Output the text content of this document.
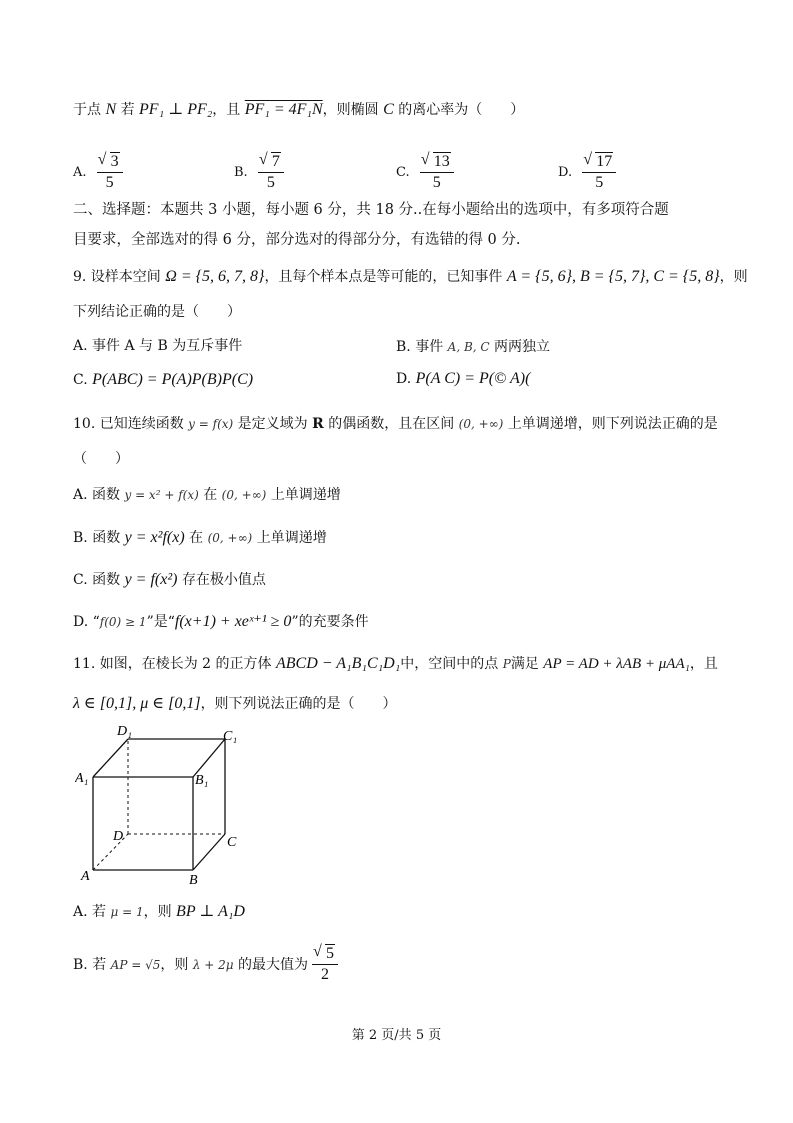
于点 N 若 PF₁ ⊥ PF₂，且 PF₁ = 4F₁N，则椭圆 C 的离心率为（　　）
A. √ $\frac{3}{5}$	B. √ $\frac{7}{5}$	C. √ $\frac{13}{5}$	D. √ $\frac{17}{5}$
二、选择题：本题共 3 小题，每小题 6 分，共 18 分..在每小题给出的选项中，有多项符合题
目要求，全部选对的得 6 分，部分选对的得部分分，有选错的得 0 分.
9. 设样本空间 Ω = {5, 6, 7, 8}，且每个样本点是等可能的，已知事件 A = {5, 6}, B = {5, 7}, C = {5, 8}，则
下列结论正确的是（　　）
A. 事件 A 与 B 为互斥事件	B. 事件 A, B, C 两两独立
C. P(ABC) = P(A)P(B)P(C)	D. P(A C) = P(© A)(
10. 已知连续函数 y = f(x) 是定义域为 R 的偶函数，且在区间 (0, +∞) 上单调递增，则下列说法正确的是
（　　）
A. 函数 y = x² + f(x) 在 (0, +∞) 上单调递增
B. 函数 y = x²f(x) 在 (0, +∞) 上单调递增
C. 函数 y = f(x²) 存在极小值点
D. “f(0) ≥ 1”是“f(x+1) + xeˣ⁺¹ ≥ 0”的充要条件
11. 如图，在棱长为 2 的正方体 ABCD − A₁B₁C₁D₁中，空间中的点 P满足 AP = AD + λAB + μAA₁，且
λ ∈ [0,1], μ ∈ [0,1]，则下列说法正确的是（　　）
D₁	C₁
A₁	B₁
D	C
A	B
A. 若 μ = 1，则 BP ⊥ A₁D
B. 若 AP = √5，则 λ + 2μ 的最大值为 √ $\frac{5}{2}$
第 2 页/共 5 页
